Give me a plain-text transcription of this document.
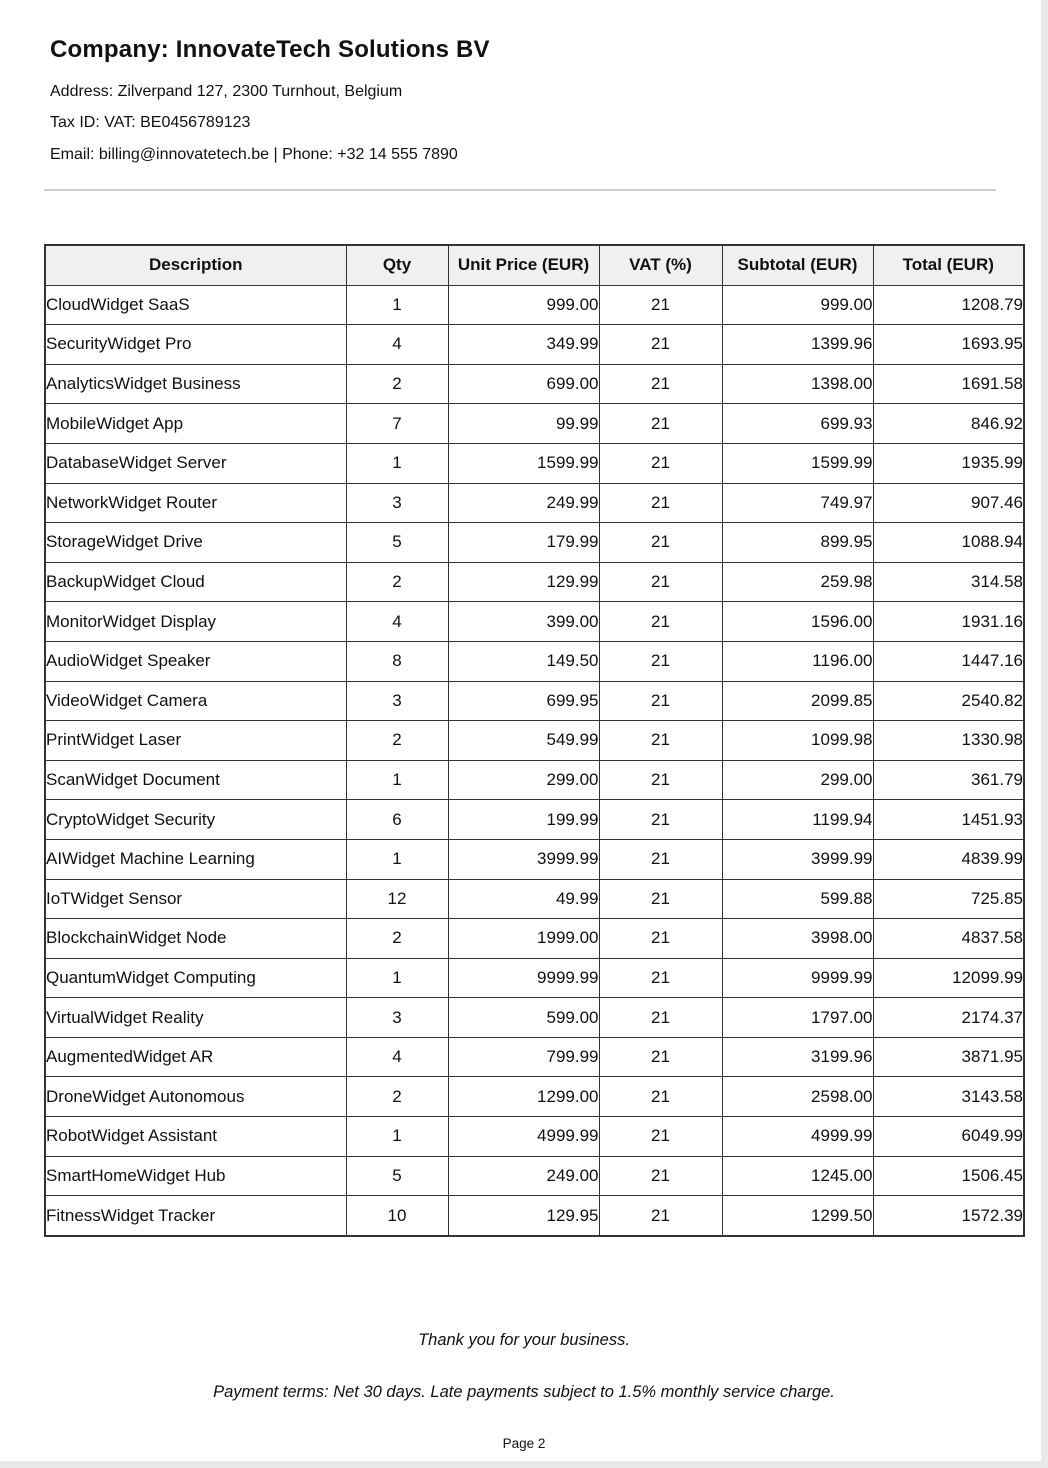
Company: InnovateTech Solutions BV
Address: Zilverpand 127, 2300 Turnhout, Belgium
Tax ID: VAT: BE0456789123
Email: billing@innovatetech.be | Phone: +32 14 555 7890
Description	Qty	Unit Price (EUR)	VAT (%)	Subtotal (EUR)	Total (EUR)
CloudWidget SaaS	1	999.00	21	999.00	1208.79
SecurityWidget Pro	4	349.99	21	1399.96	1693.95
AnalyticsWidget Business	2	699.00	21	1398.00	1691.58
MobileWidget App	7	99.99	21	699.93	846.92
DatabaseWidget Server	1	1599.99	21	1599.99	1935.99
NetworkWidget Router	3	249.99	21	749.97	907.46
StorageWidget Drive	5	179.99	21	899.95	1088.94
BackupWidget Cloud	2	129.99	21	259.98	314.58
MonitorWidget Display	4	399.00	21	1596.00	1931.16
AudioWidget Speaker	8	149.50	21	1196.00	1447.16
VideoWidget Camera	3	699.95	21	2099.85	2540.82
PrintWidget Laser	2	549.99	21	1099.98	1330.98
ScanWidget Document	1	299.00	21	299.00	361.79
CryptoWidget Security	6	199.99	21	1199.94	1451.93
AIWidget Machine Learning	1	3999.99	21	3999.99	4839.99
IoTWidget Sensor	12	49.99	21	599.88	725.85
BlockchainWidget Node	2	1999.00	21	3998.00	4837.58
QuantumWidget Computing	1	9999.99	21	9999.99	12099.99
VirtualWidget Reality	3	599.00	21	1797.00	2174.37
AugmentedWidget AR	4	799.99	21	3199.96	3871.95
DroneWidget Autonomous	2	1299.00	21	2598.00	3143.58
RobotWidget Assistant	1	4999.99	21	4999.99	6049.99
SmartHomeWidget Hub	5	249.00	21	1245.00	1506.45
FitnessWidget Tracker	10	129.95	21	1299.50	1572.39
Thank you for your business.
Payment terms: Net 30 days. Late payments subject to 1.5% monthly service charge.
Page 2
